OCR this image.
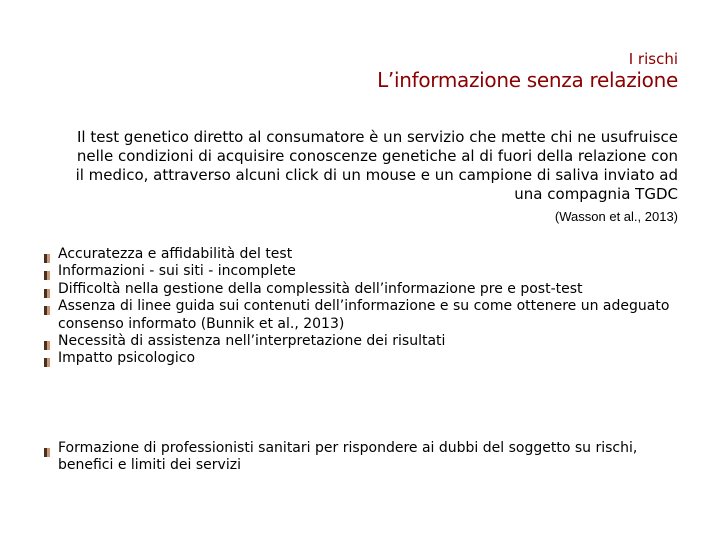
I rischi
L’informazione senza relazione
Il test genetico diretto al consumatore è un servizio che mette chi ne usufruisce nelle condizioni di acquisire conoscenze genetiche al di fuori della relazione con il medico, attraverso alcuni click di un mouse e un campione di saliva inviato ad una compagnia TGDC
(Wasson et al., 2013)
Accuratezza e affidabilità del test
Informazioni - sui siti - incomplete
Difficoltà nella gestione della complessità dell’informazione pre e post-test
Assenza di linee guida sui contenuti dell’informazione e su come ottenere un adeguato consenso informato (Bunnik et al., 2013)
Necessità di assistenza nell’interpretazione dei risultati
Impatto psicologico
Formazione di professionisti sanitari per rispondere ai dubbi del soggetto su rischi, benefici e limiti dei servizi
